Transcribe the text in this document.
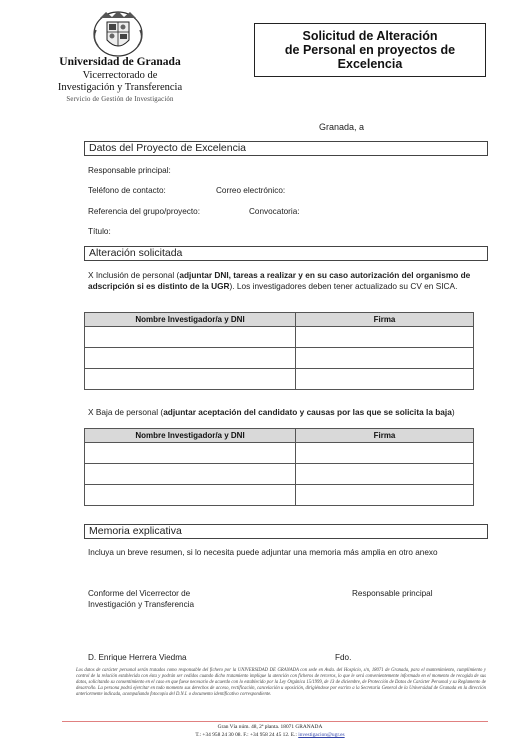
Universidad de Granada
Vicerrectorado de
Investigación y Transferencia
Servicio de Gestión de Investigación
Solicitud de Alteración
de Personal en proyectos de
Excelencia
Granada, a
Datos del Proyecto de Excelencia
Responsable principal:
Teléfono de contacto:	Correo electrónico:
Referencia del grupo/proyecto:	Convocatoria:
Título:
Alteración solicitada
X Inclusión de personal (adjuntar DNI, tareas a realizar y en su caso autorización del organismo de adscripción si es distinto de la UGR). Los investigadores deben tener actualizado su CV en SICA.
Nombre Investigador/a y DNI	Firma

X Baja de personal (adjuntar aceptación del candidato y causas por las que se solicita la baja)
Nombre Investigador/a y DNI	Firma

Memoria explicativa
Incluya un breve resumen, si lo necesita puede adjuntar una memoria más amplia en otro anexo
Conforme del Vicerrector de
Investigación y Transferencia
Responsable principal
D. Enrique Herrera Viedma	Fdo.
Los datos de carácter personal serán tratados como responsable del fichero por la UNIVERSIDAD DE GRANADA con sede en Avda. del Hospicio, s/n, 18071 de Granada, para el mantenimiento, cumplimiento y control de la relación establecida con ésta y podrán ser cedidos cuando dicho tratamiento implique la atención con ficheros de terceros, lo que le será convenientemente informado en el momento de recogida de sus datos, solicitando su consentimiento en el caso en que fuese necesario de acuerdo con lo establecido por la Ley Orgánica 15/1999, de 13 de diciembre, de Protección de Datos de Carácter Personal y su Reglamento de desarrollo. La persona podrá ejercitar en todo momento sus derechos de acceso, rectificación, cancelación u oposición, dirigiéndose por escrito a la Secretaría General de la Universidad de Granada en la dirección anteriormente indicada, acompañando fotocopia del D.N.I. o documento identificativo correspondiente.
Gran Vía núm. 48, 2ª planta. 18071 GRANADA
T.: +34 958 24 30 08. F.: +34 958 24 45 12. E.: investigacion@ugr.es
